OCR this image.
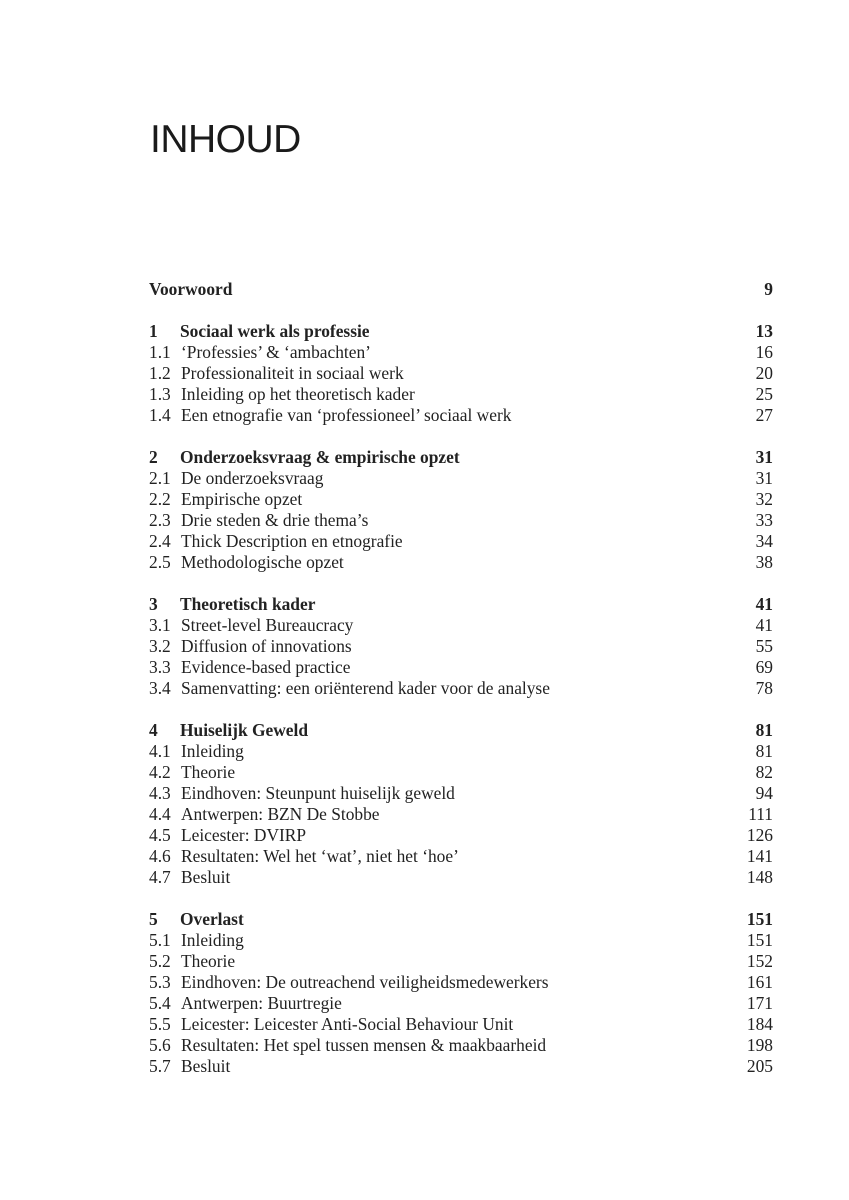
INHOUD
Voorwoord	9
1	Sociaal werk als professie	13
1.1 ‘Professies’ & ‘ambachten’	16
1.2 Professionaliteit in sociaal werk	20
1.3 Inleiding op het theoretisch kader	25
1.4 Een etnografie van ‘professioneel’ sociaal werk	27
2	Onderzoeksvraag & empirische opzet	31
2.1 De onderzoeksvraag	31
2.2 Empirische opzet	32
2.3 Drie steden & drie thema’s	33
2.4 Thick Description en etnografie	34
2.5 Methodologische opzet	38
3	Theoretisch kader	41
3.1 Street-level Bureaucracy	41
3.2 Diffusion of innovations	55
3.3 Evidence-based practice	69
3.4 Samenvatting: een oriënterend kader voor de analyse	78
4	Huiselijk Geweld	81
4.1 Inleiding	81
4.2 Theorie	82
4.3 Eindhoven: Steunpunt huiselijk geweld	94
4.4 Antwerpen: BZN De Stobbe	111
4.5 Leicester: DVIRP	126
4.6 Resultaten: Wel het ‘wat’, niet het ‘hoe’	141
4.7 Besluit	148
5	Overlast	151
5.1 Inleiding	151
5.2 Theorie	152
5.3 Eindhoven: De outreachend veiligheidsmedewerkers	161
5.4 Antwerpen: Buurtregie	171
5.5 Leicester: Leicester Anti-Social Behaviour Unit	184
5.6 Resultaten: Het spel tussen mensen & maakbaarheid	198
5.7 Besluit	205
